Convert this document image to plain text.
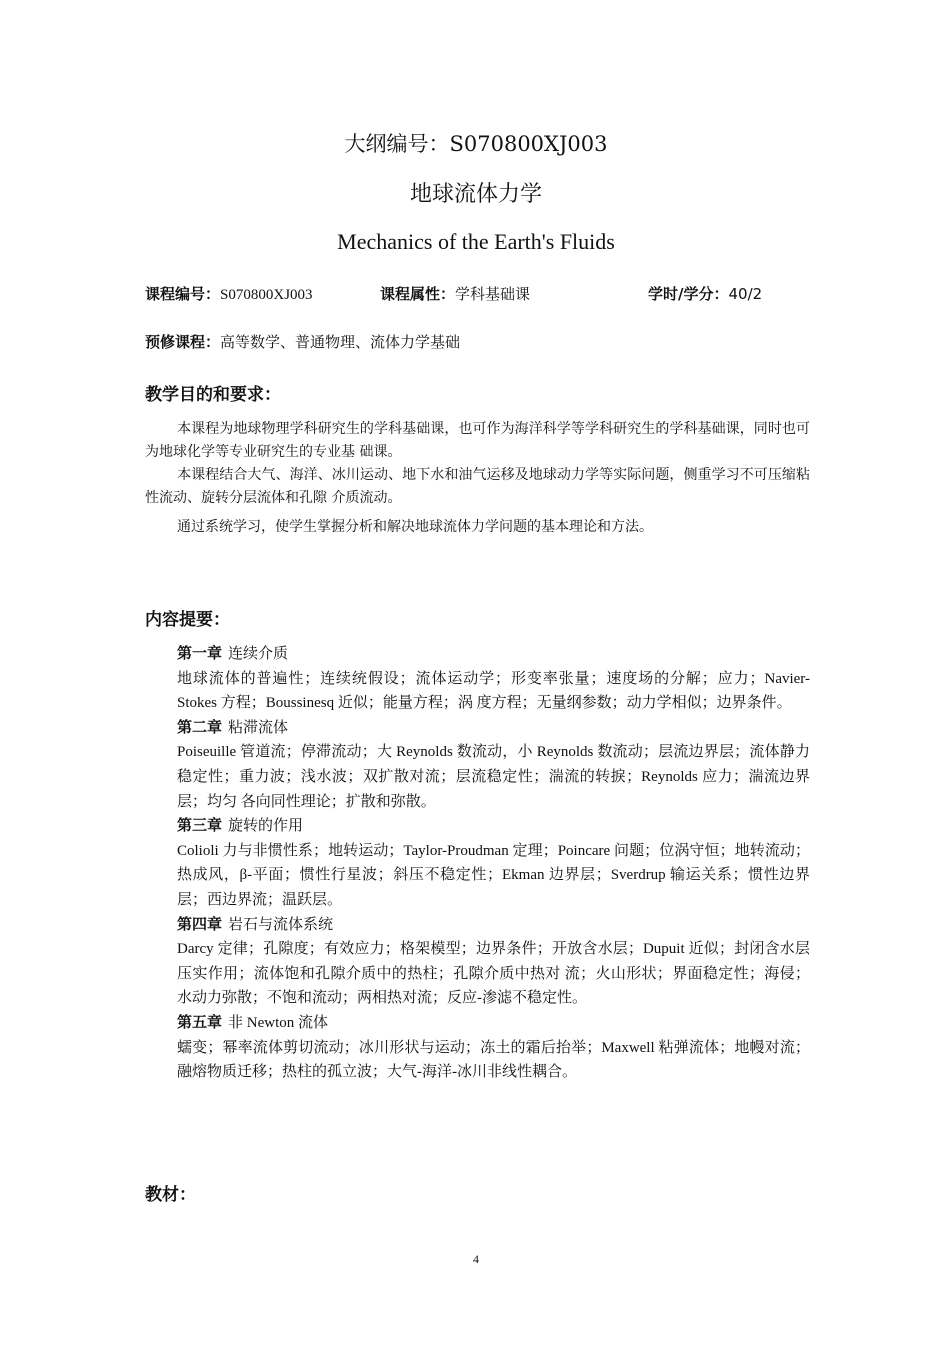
大纲编号：S070800XJ003
地球流体力学
Mechanics of the Earth's Fluids
课程编号：S070800XJ003	课程属性：学科基础课	学时/学分：40/2
预修课程：高等数学、普通物理、流体力学基础
教学目的和要求：
本课程为地球物理学科研究生的学科基础课，也可作为海洋科学等学科研究生的学科基础课，同时也可为地球化学等专业研究生的专业基 础课。
本课程结合大气、海洋、冰川运动、地下水和油气运移及地球动力学等实际问题，侧重学习不可压缩粘性流动、旋转分层流体和孔隙 介质流动。
通过系统学习，使学生掌握分析和解决地球流体力学问题的基本理论和方法。
内容提要：

第一章 连续介质

地球流体的普遍性；连续统假设；流体运动学；形变率张量；速度场的分解；应力；Navier-Stokes 方程；Boussinesq 近似；能量方程；涡 度方程；无量纲参数；动力学相似；边界条件。

第二章 粘滞流体

Poiseuille 管道流；停滞流动；大 Reynolds 数流动，小 Reynolds 数流动；层流边界层；流体静力稳定性；重力波；浅水波；双扩散对流；层流稳定性；湍流的转捩；Reynolds 应力；湍流边界层；均匀 各向同性理论；扩散和弥散。

第三章 旋转的作用

Colioli 力与非惯性系；地转运动；Taylor-Proudman 定理；Poincare 问题；位涡守恒；地转流动；热成风，β-平面；惯性行星波；斜压不稳定性；Ekman 边界层；Sverdrup 输运关系；惯性边界层；西边界流；温跃层。

第四章 岩石与流体系统

Darcy 定律；孔隙度；有效应力；格架模型；边界条件；开放含水层；Dupuit 近似；封闭含水层压实作用；流体饱和孔隙介质中的热柱；孔隙介质中热对 流；火山形状；界面稳定性；海侵；水动力弥散；不饱和流动；两相热对流；反应-渗滤不稳定性。

第五章 非 Newton 流体

蠕变；幂率流体剪切流动；冰川形状与运动；冻土的霜后抬举；Maxwell 粘弹流体；地幔对流；融熔物质迁移；热柱的孤立波；大气-海洋-冰川非线性耦合。

教材：
4
